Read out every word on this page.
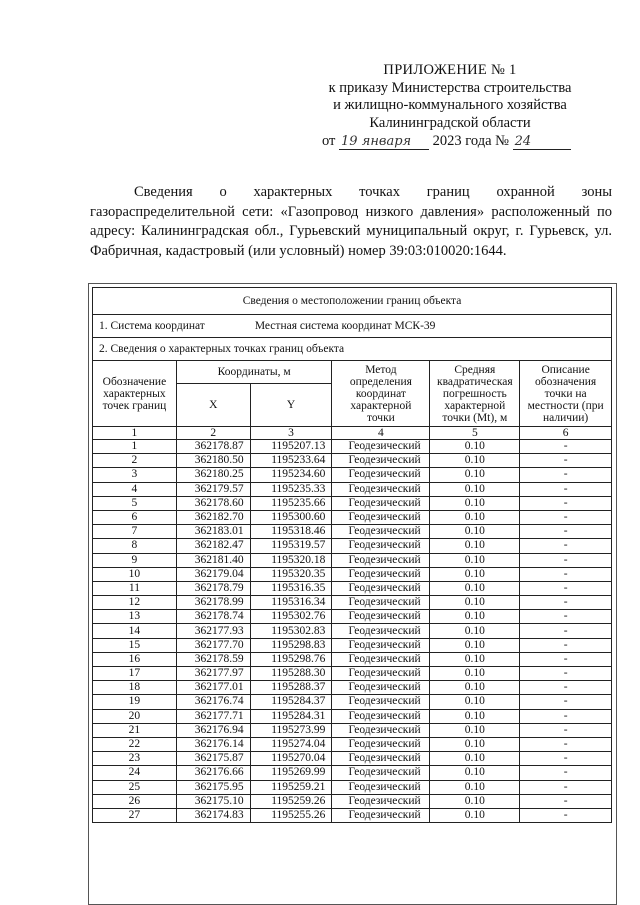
ПРИЛОЖЕНИЕ № 1
к приказу Министерства строительства
и жилищно-коммунального хозяйства
Калининградской области
от 19 января 2023 года № 24
Сведения о характерных точках границ охранной зоны газораспределительной сети: «Газопровод низкого давления» расположенный по адресу: Калининградская обл., Гурьевский муниципальный округ, г. Гурьевск, ул. Фабричная, кадастровый (или условный) номер 39:03:010020:1644.
Сведения о местоположении границ объекта					
1. Система координат Местная система координат МСК-39					
2. Сведения о характерных точках границ объекта					
Обозначение характерных точек границ	Координаты, м		Метод определения координат характерной точки	Средняя квадратическая погрешность характерной точки (Mt), м	Описание обозначения точки на местности (при наличии)
	X	Y			
1	2	3	4	5	6
1	362178.87	1195207.13	Геодезический	0.10	-
2	362180.50	1195233.64	Геодезический	0.10	-
3	362180.25	1195234.60	Геодезический	0.10	-
4	362179.57	1195235.33	Геодезический	0.10	-
5	362178.60	1195235.66	Геодезический	0.10	-
6	362182.70	1195300.60	Геодезический	0.10	-
7	362183.01	1195318.46	Геодезический	0.10	-
8	362182.47	1195319.57	Геодезический	0.10	-
9	362181.40	1195320.18	Геодезический	0.10	-
10	362179.04	1195320.35	Геодезический	0.10	-
11	362178.79	1195316.35	Геодезический	0.10	-
12	362178.99	1195316.34	Геодезический	0.10	-
13	362178.74	1195302.76	Геодезический	0.10	-
14	362177.93	1195302.83	Геодезический	0.10	-
15	362177.70	1195298.83	Геодезический	0.10	-
16	362178.59	1195298.76	Геодезический	0.10	-
17	362177.97	1195288.30	Геодезический	0.10	-
18	362177.01	1195288.37	Геодезический	0.10	-
19	362176.74	1195284.37	Геодезический	0.10	-
20	362177.71	1195284.31	Геодезический	0.10	-
21	362176.94	1195273.99	Геодезический	0.10	-
22	362176.14	1195274.04	Геодезический	0.10	-
23	362175.87	1195270.04	Геодезический	0.10	-
24	362176.66	1195269.99	Геодезический	0.10	-
25	362175.95	1195259.21	Геодезический	0.10	-
26	362175.10	1195259.26	Геодезический	0.10	-
27	362174.83	1195255.26	Геодезический	0.10	-
